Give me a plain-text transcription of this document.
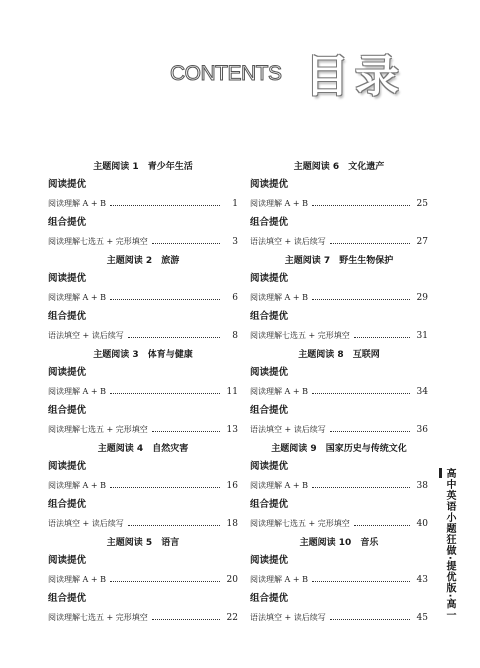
CONTENTS 目录
主题阅读 1　青少年生活
阅读提优
阅读理解 A + B	1
组合提优
阅读理解七选五 + 完形填空	3
主题阅读 2　旅游
阅读提优
阅读理解 A + B	6
组合提优
语法填空 + 读后续写	8
主题阅读 3　体育与健康
阅读提优
阅读理解 A + B	11
组合提优
阅读理解七选五 + 完形填空	13
主题阅读 4　自然灾害
阅读提优
阅读理解 A + B	16
组合提优
语法填空 + 读后续写	18
主题阅读 5　语言
阅读提优
阅读理解 A + B	20
组合提优
阅读理解七选五 + 完形填空	22
主题阅读 6　文化遗产
阅读提优
阅读理解 A + B	25
组合提优
语法填空 + 读后续写	27
主题阅读 7　野生生物保护
阅读提优
阅读理解 A + B	29
组合提优
阅读理解七选五 + 完形填空	31
主题阅读 8　互联网
阅读提优
阅读理解 A + B	34
组合提优
语法填空 + 读后续写	36
主题阅读 9　国家历史与传统文化
阅读提优
阅读理解 A + B	38
组合提优
阅读理解七选五 + 完形填空	40
主题阅读 10　音乐
阅读提优
阅读理解 A + B	43
组合提优
语法填空 + 读后续写	45 高中英语小题狂做·提优版·高一
